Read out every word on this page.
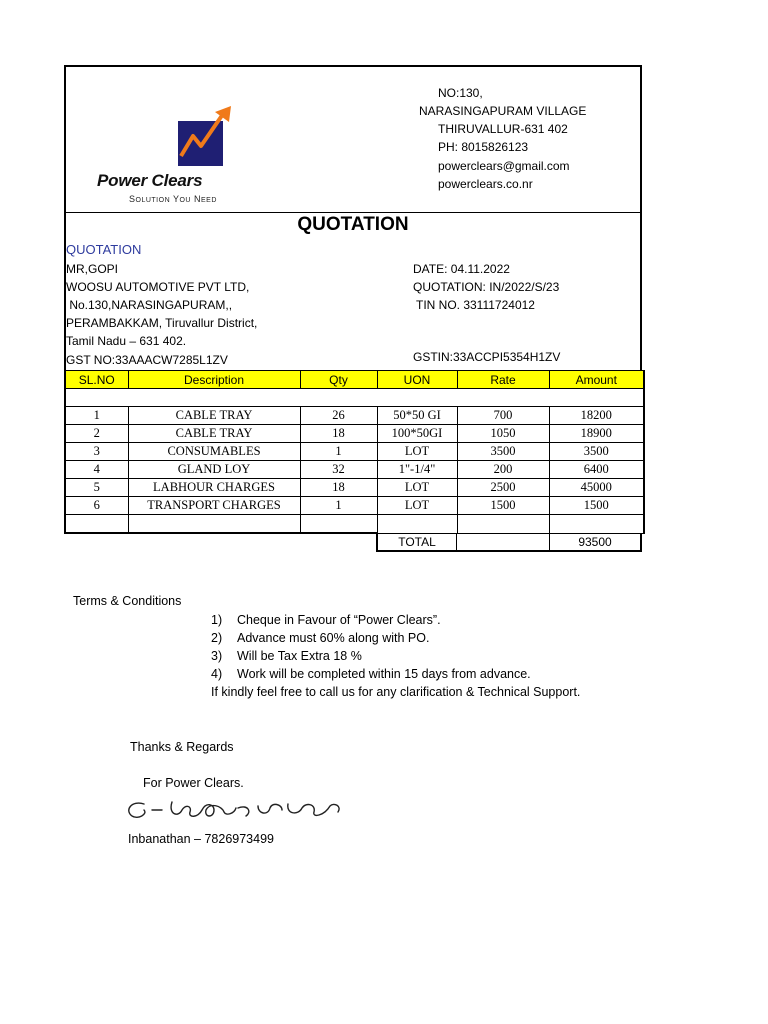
Power Clears
SOLUTION YOU NEED
NO:130,
NARASINGAPURAM VILLAGE
THIRUVALLUR-631 402
PH: 8015826123
powerclears@gmail.com
powerclears.co.nr
QUOTATION
QUOTATION
MR,GOPI
WOOSU AUTOMOTIVE PVT LTD,
No.130,NARASINGAPURAM,,
PERAMBAKKAM, Tiruvallur District,
Tamil Nadu – 631 402.
GST NO:33AAACW7285L1ZV
DATE: 04.11.2022
QUOTATION: IN/2022/S/23
TIN NO. 33111724012
GSTIN:33ACCPI5354H1ZV
SL.NO	Description	Qty	UON	Rate	Amount

1	CABLE TRAY	26	50*50 GI	700	18200
2	CABLE TRAY	18	100*50GI	1050	18900
3	CONSUMABLES	1	LOT	3500	3500
4	GLAND LOY	32	1"-1/4"	200	6400
5	LABHOUR CHARGES	18	LOT	2500	45000
6	TRANSPORT CHARGES	1	LOT	1500	1500

TOTAL	93500
Terms & Conditions
1) Cheque in Favour of “Power Clears”.
2) Advance must 60% along with PO.
3) Will be Tax Extra 18 %
4) Work will be completed within 15 days from advance.
If kindly feel free to call us for any clarification & Technical Support.
Thanks & Regards
For Power Clears.
Inbanathan – 7826973499
